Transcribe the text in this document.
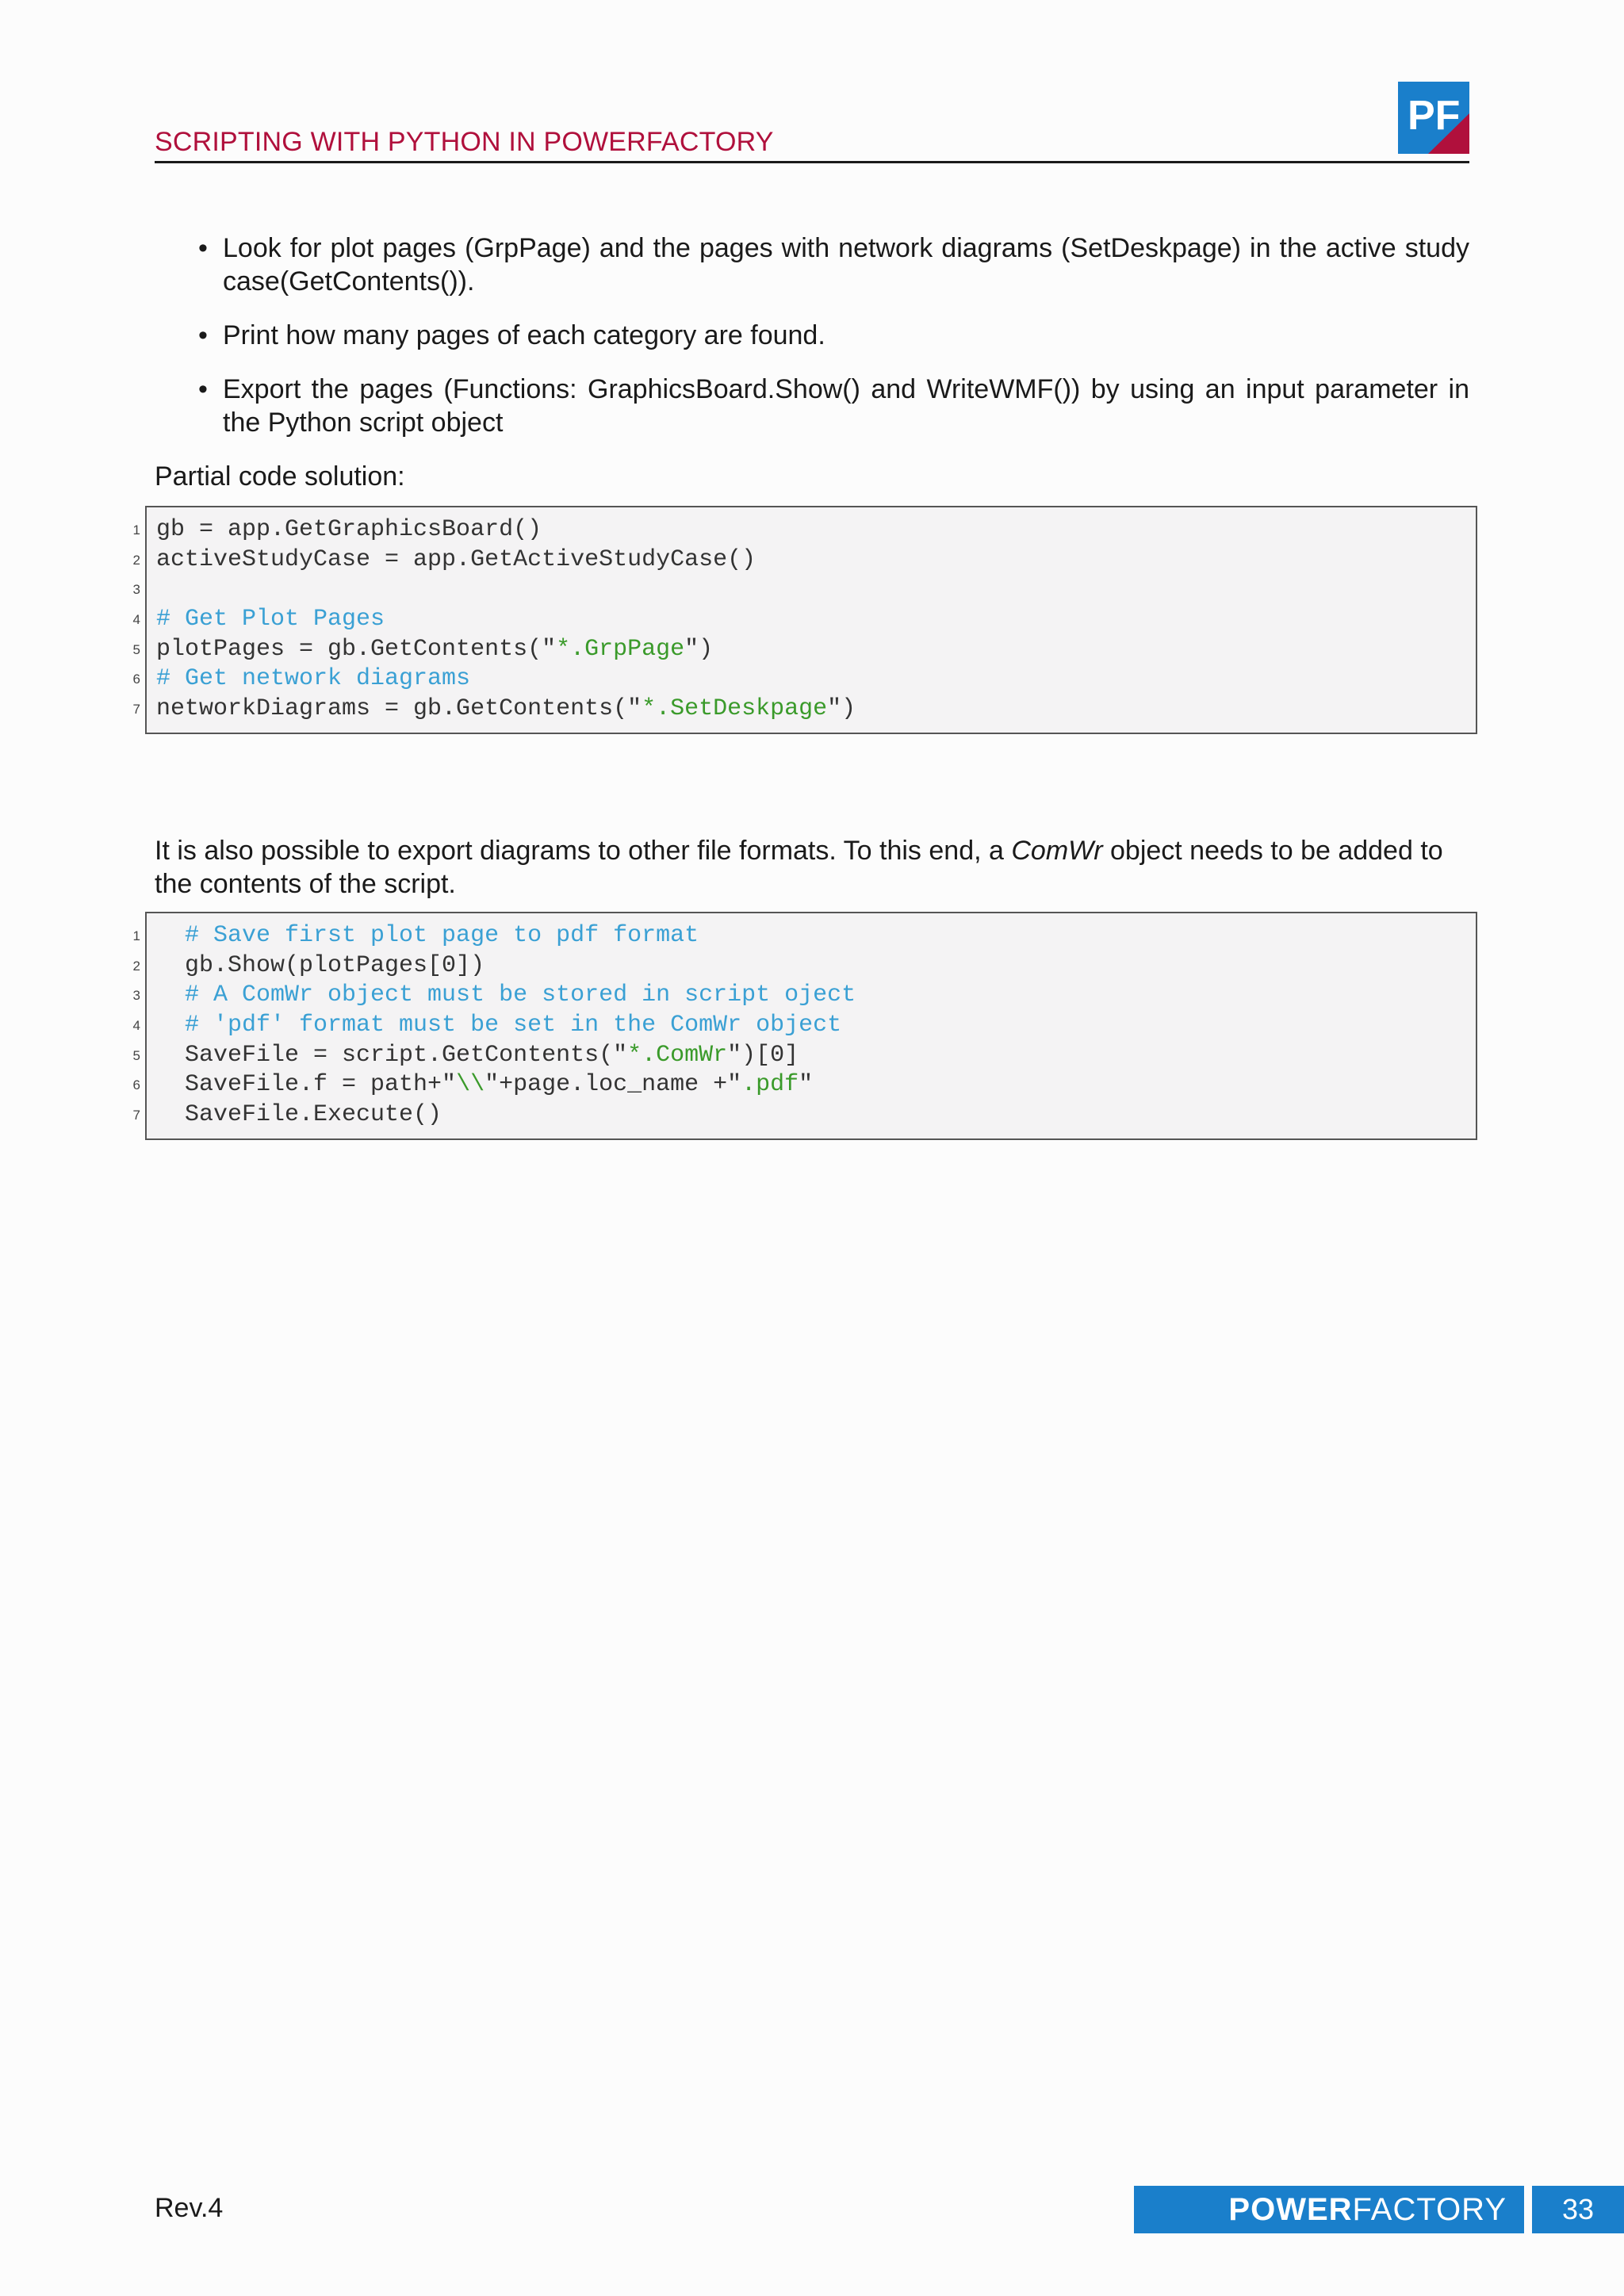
SCRIPTING WITH PYTHON IN POWERFACTORY
PF
• Look for plot pages (GrpPage) and the pages with network diagrams (SetDeskpage) in the active study case(GetContents()).
• Print how many pages of each category are found.
• Export the pages (Functions: GraphicsBoard.Show() and WriteWMF()) by using an input parameter in the Python script object
Partial code solution:
1 gb = app.GetGraphicsBoard()
2 activeStudyCase = app.GetActiveStudyCase()
3
4 # Get Plot Pages
5 plotPages = gb.GetContents("*.GrpPage")
6 # Get network diagrams
7 networkDiagrams = gb.GetContents("*.SetDeskpage")
It is also possible to export diagrams to other file formats. To this end, a ComWr object needs to be added to the contents of the script.
1 # Save first plot page to pdf format
2 gb.Show(plotPages[0])
3 # A ComWr object must be stored in script oject
4 # 'pdf' format must be set in the ComWr object
5 SaveFile = script.GetContents("*.ComWr")[0]
6 SaveFile.f = path+"\\"+page.loc_name +".pdf"
7 SaveFile.Execute()
Rev.4	POWER FACTORY	33
